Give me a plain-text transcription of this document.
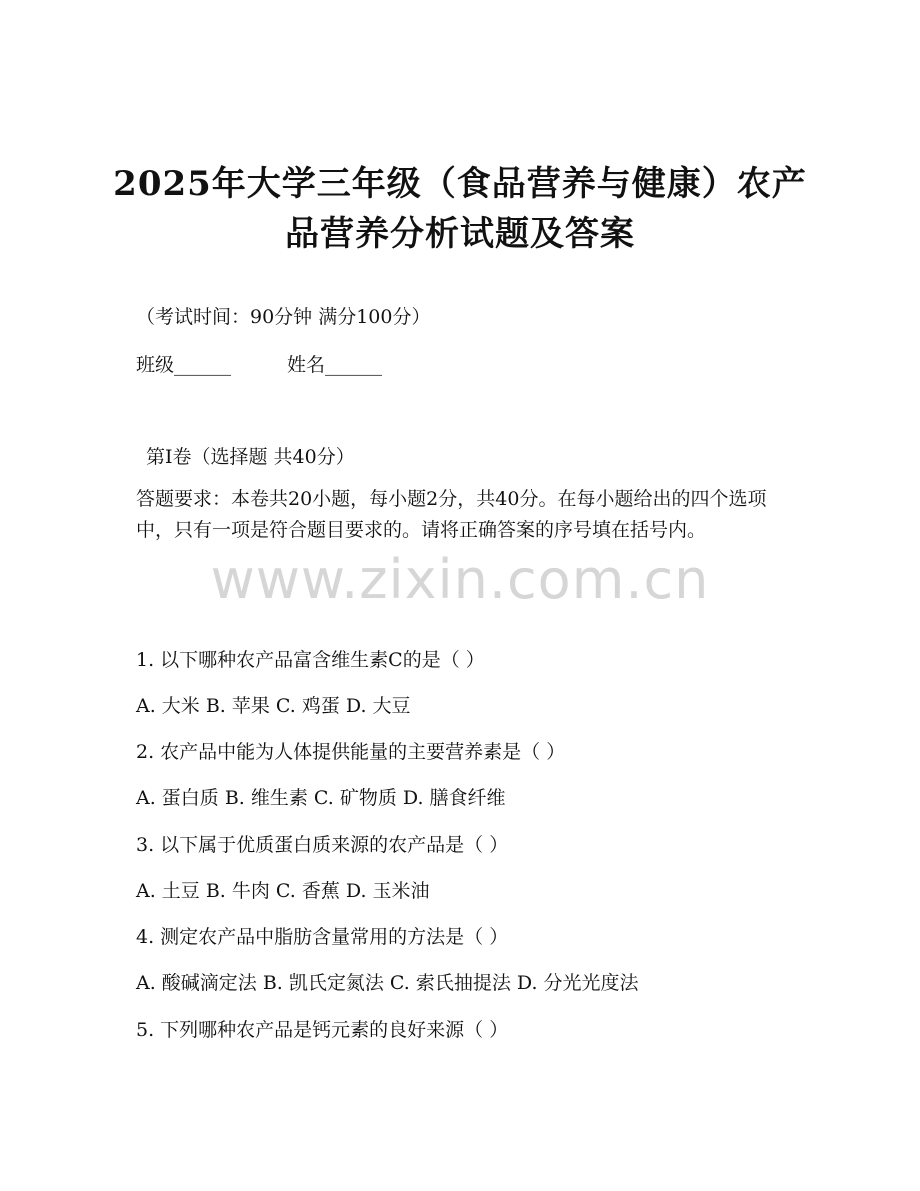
2025年大学三年级（食品营养与健康）农产
品营养分析试题及答案
（考试时间：90分钟 满分100分）
班级______	姓名______
第Ⅰ卷（选择题 共40分）
答题要求：本卷共20小题，每小题2分，共40分。在每小题给出的四个选项中，只有一项是符合题目要求的。请将正确答案的序号填在括号内。
www.zixin.com.cn
1. 以下哪种农产品富含维生素C的是（ ）
A. 大米 B. 苹果 C. 鸡蛋 D. 大豆
2. 农产品中能为人体提供能量的主要营养素是（ ）
A. 蛋白质 B. 维生素 C. 矿物质 D. 膳食纤维
3. 以下属于优质蛋白质来源的农产品是（ ）
A. 土豆 B. 牛肉 C. 香蕉 D. 玉米油
4. 测定农产品中脂肪含量常用的方法是（ ）
A. 酸碱滴定法 B. 凯氏定氮法 C. 索氏抽提法 D. 分光光度法
5. 下列哪种农产品是钙元素的良好来源（ ）
